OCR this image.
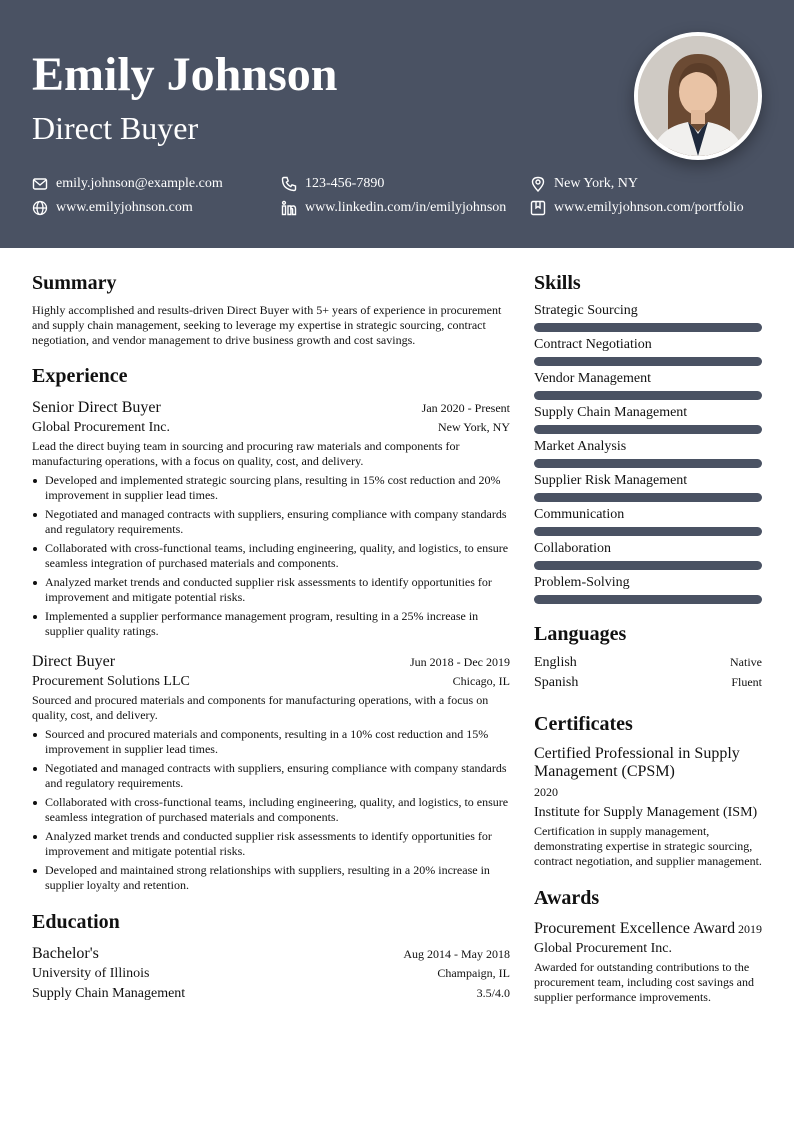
Emily Johnson
Direct Buyer
emily.johnson@example.com	123-456-7890	New York, NY
www.emilyjohnson.com	www.linkedin.com/in/emilyjohnson	www.emilyjohnson.com/portfolio
Summary

Highly accomplished and results-driven Direct Buyer with 5+ years of experience in procurement and supply chain management, seeking to leverage my expertise in strategic sourcing, contract negotiation, and vendor management to drive business growth and cost savings.

Experience
Senior Direct Buyer	Jan 2020 - Present
Global Procurement Inc.	New York, NY

Lead the direct buying team in sourcing and procuring raw materials and components for manufacturing operations, with a focus on quality, cost, and delivery.

Developed and implemented strategic sourcing plans, resulting in 15% cost reduction and 20% improvement in supplier lead times.
Negotiated and managed contracts with suppliers, ensuring compliance with company standards and regulatory requirements.
Collaborated with cross-functional teams, including engineering, quality, and logistics, to ensure seamless integration of purchased materials and components.
Analyzed market trends and conducted supplier risk assessments to identify opportunities for improvement and mitigate potential risks.
Implemented a supplier performance management program, resulting in a 25% increase in supplier quality ratings.
Direct Buyer	Jun 2018 - Dec 2019
Procurement Solutions LLC	Chicago, IL

Sourced and procured materials and components for manufacturing operations, with a focus on quality, cost, and delivery.

Sourced and procured materials and components, resulting in a 10% cost reduction and 15% improvement in supplier lead times.
Negotiated and managed contracts with suppliers, ensuring compliance with company standards and regulatory requirements.
Collaborated with cross-functional teams, including engineering, quality, and logistics, to ensure seamless integration of purchased materials and components.
Analyzed market trends and conducted supplier risk assessments to identify opportunities for improvement and mitigate potential risks.
Developed and maintained strong relationships with suppliers, resulting in a 20% increase in supplier loyalty and retention.
Education
Bachelor's	Aug 2014 - May 2018
University of Illinois	Champaign, IL
Supply Chain Management	3.5/4.0
Skills
Strategic Sourcing
Contract Negotiation
Vendor Management
Supply Chain Management
Market Analysis
Supplier Risk Management
Communication
Collaboration
Problem-Solving
Languages
English	Native
Spanish	Fluent
Certificates
Certified Professional in Supply Management (CPSM)
2020
Institute for Supply Management (ISM)

Certification in supply management, demonstrating expertise in strategic sourcing, contract negotiation, and supplier management.

Awards
Procurement Excellence Award 2019
Global Procurement Inc.

Awarded for outstanding contributions to the procurement team, including cost savings and supplier performance improvements.
